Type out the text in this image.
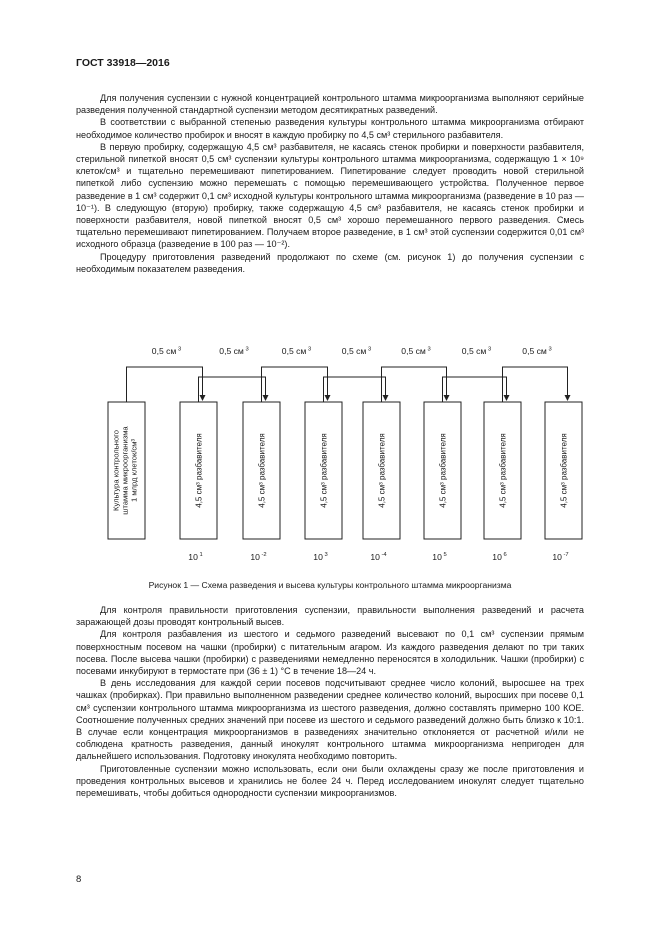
ГОСТ 33918—2016

Для получения суспензии с нужной концентрацией контрольного штамма микроорганизма выполняют серийные разведения полученной стандартной суспензии методом десятикратных разведений.

В соответствии с выбранной степенью разведения культуры контрольного штамма микроорганизма отбирают необходимое количество пробирок и вносят в каждую пробирку по 4,5 см³ стерильного разбавителя.

В первую пробирку, содержащую 4,5 см³ разбавителя, не касаясь стенок пробирки и поверхности разбавителя, стерильной пипеткой вносят 0,5 см³ суспензии культуры контрольного штамма микроорганизма, содержащую 1 × 10⁹ клеток/см³ и тщательно перемешивают пипетированием. Пипетирование следует проводить новой стерильной пипеткой либо суспензию можно перемешать с помощью перемешивающего устройства. Полученное первое разведение в 1 см³ содержит 0,1 см³ исходной культуры контрольного штамма микроорганизма (разведение в 10 раз — 10⁻¹). В следующую (вторую) пробирку, также содержащую 4,5 см³ разбавителя, не касаясь стенок пробирки и поверхности разбавителя, новой пипеткой вносят 0,5 см³ хорошо перемешанного первого разведения. Смесь тщательно перемешивают пипетированием. Получаем второе разведение, в 1 см³ этой суспензии содержится 0,01 см³ исходного образца (разведение в 100 раз — 10⁻²).

Процедуру приготовления разведений продолжают по схеме (см. рисунок 1) до получения суспензии с необходимым показателем разведения.

Культура контрольногоштамма микроорганизма1 млрд клеток/см³	4,5 см³ разбавителя	4,5 см³ разбавителя	4,5 см³ разбавителя	4,5 см³ разбавителя	4,5 см³ разбавителя	4,5 см³ разбавителя	4,5 см³ разбавителя
0,5 см $^3$	0,5 см $^3$	0,5 см $^3$	0,5 см $^3$	0,5 см $^3$	0,5 см $^3$	0,5 см $^3$
10 $^1$	10 $^{-2}$	10 $^3$	10 $^{-4}$	10 $^5$	10 $^6$	10 $^{-7}$
Рисунок 1 — Схема разведения и высева культуры контрольного штамма микроорганизма

Для контроля правильности приготовления суспензии, правильности выполнения разведений и расчета заражающей дозы проводят контрольный высев.

Для контроля разбавления из шестого и седьмого разведений высевают по 0,1 см³ суспензии прямым поверхностным посевом на чашки (пробирки) с питательным агаром. Из каждого разведения делают по три таких посева. После высева чашки (пробирки) с разведениями немедленно переносятся в холодильник. Чашки (пробирки) с посевами инкубируют в термостате при (36 ± 1) °С в течение 18—24 ч.

В день исследования для каждой серии посевов подсчитывают среднее число колоний, выросшее на трех чашках (пробирках). При правильно выполненном разведении среднее количество колоний, выросших при посеве 0,1 см³ суспензии контрольного штамма микроорганизма из шестого разведения, должно составлять примерно 100 КОЕ. Соотношение полученных средних значений при посеве из шестого и седьмого разведений должно быть близко к 10:1. В случае если концентрация микроорганизмов в разведениях значительно отклоняется от расчетной и/или не соблюдена кратность разведения, данный инокулят контрольного штамма микроорганизма непригоден для дальнейшего использования. Подготовку инокулята необходимо повторить.

Приготовленные суспензии можно использовать, если они были охлаждены сразу же после приготовления и проведения контрольных высевов и хранились не более 24 ч. Перед исследованием инокулят следует тщательно перемешивать, чтобы добиться однородности суспензии микроорганизмов.

8
